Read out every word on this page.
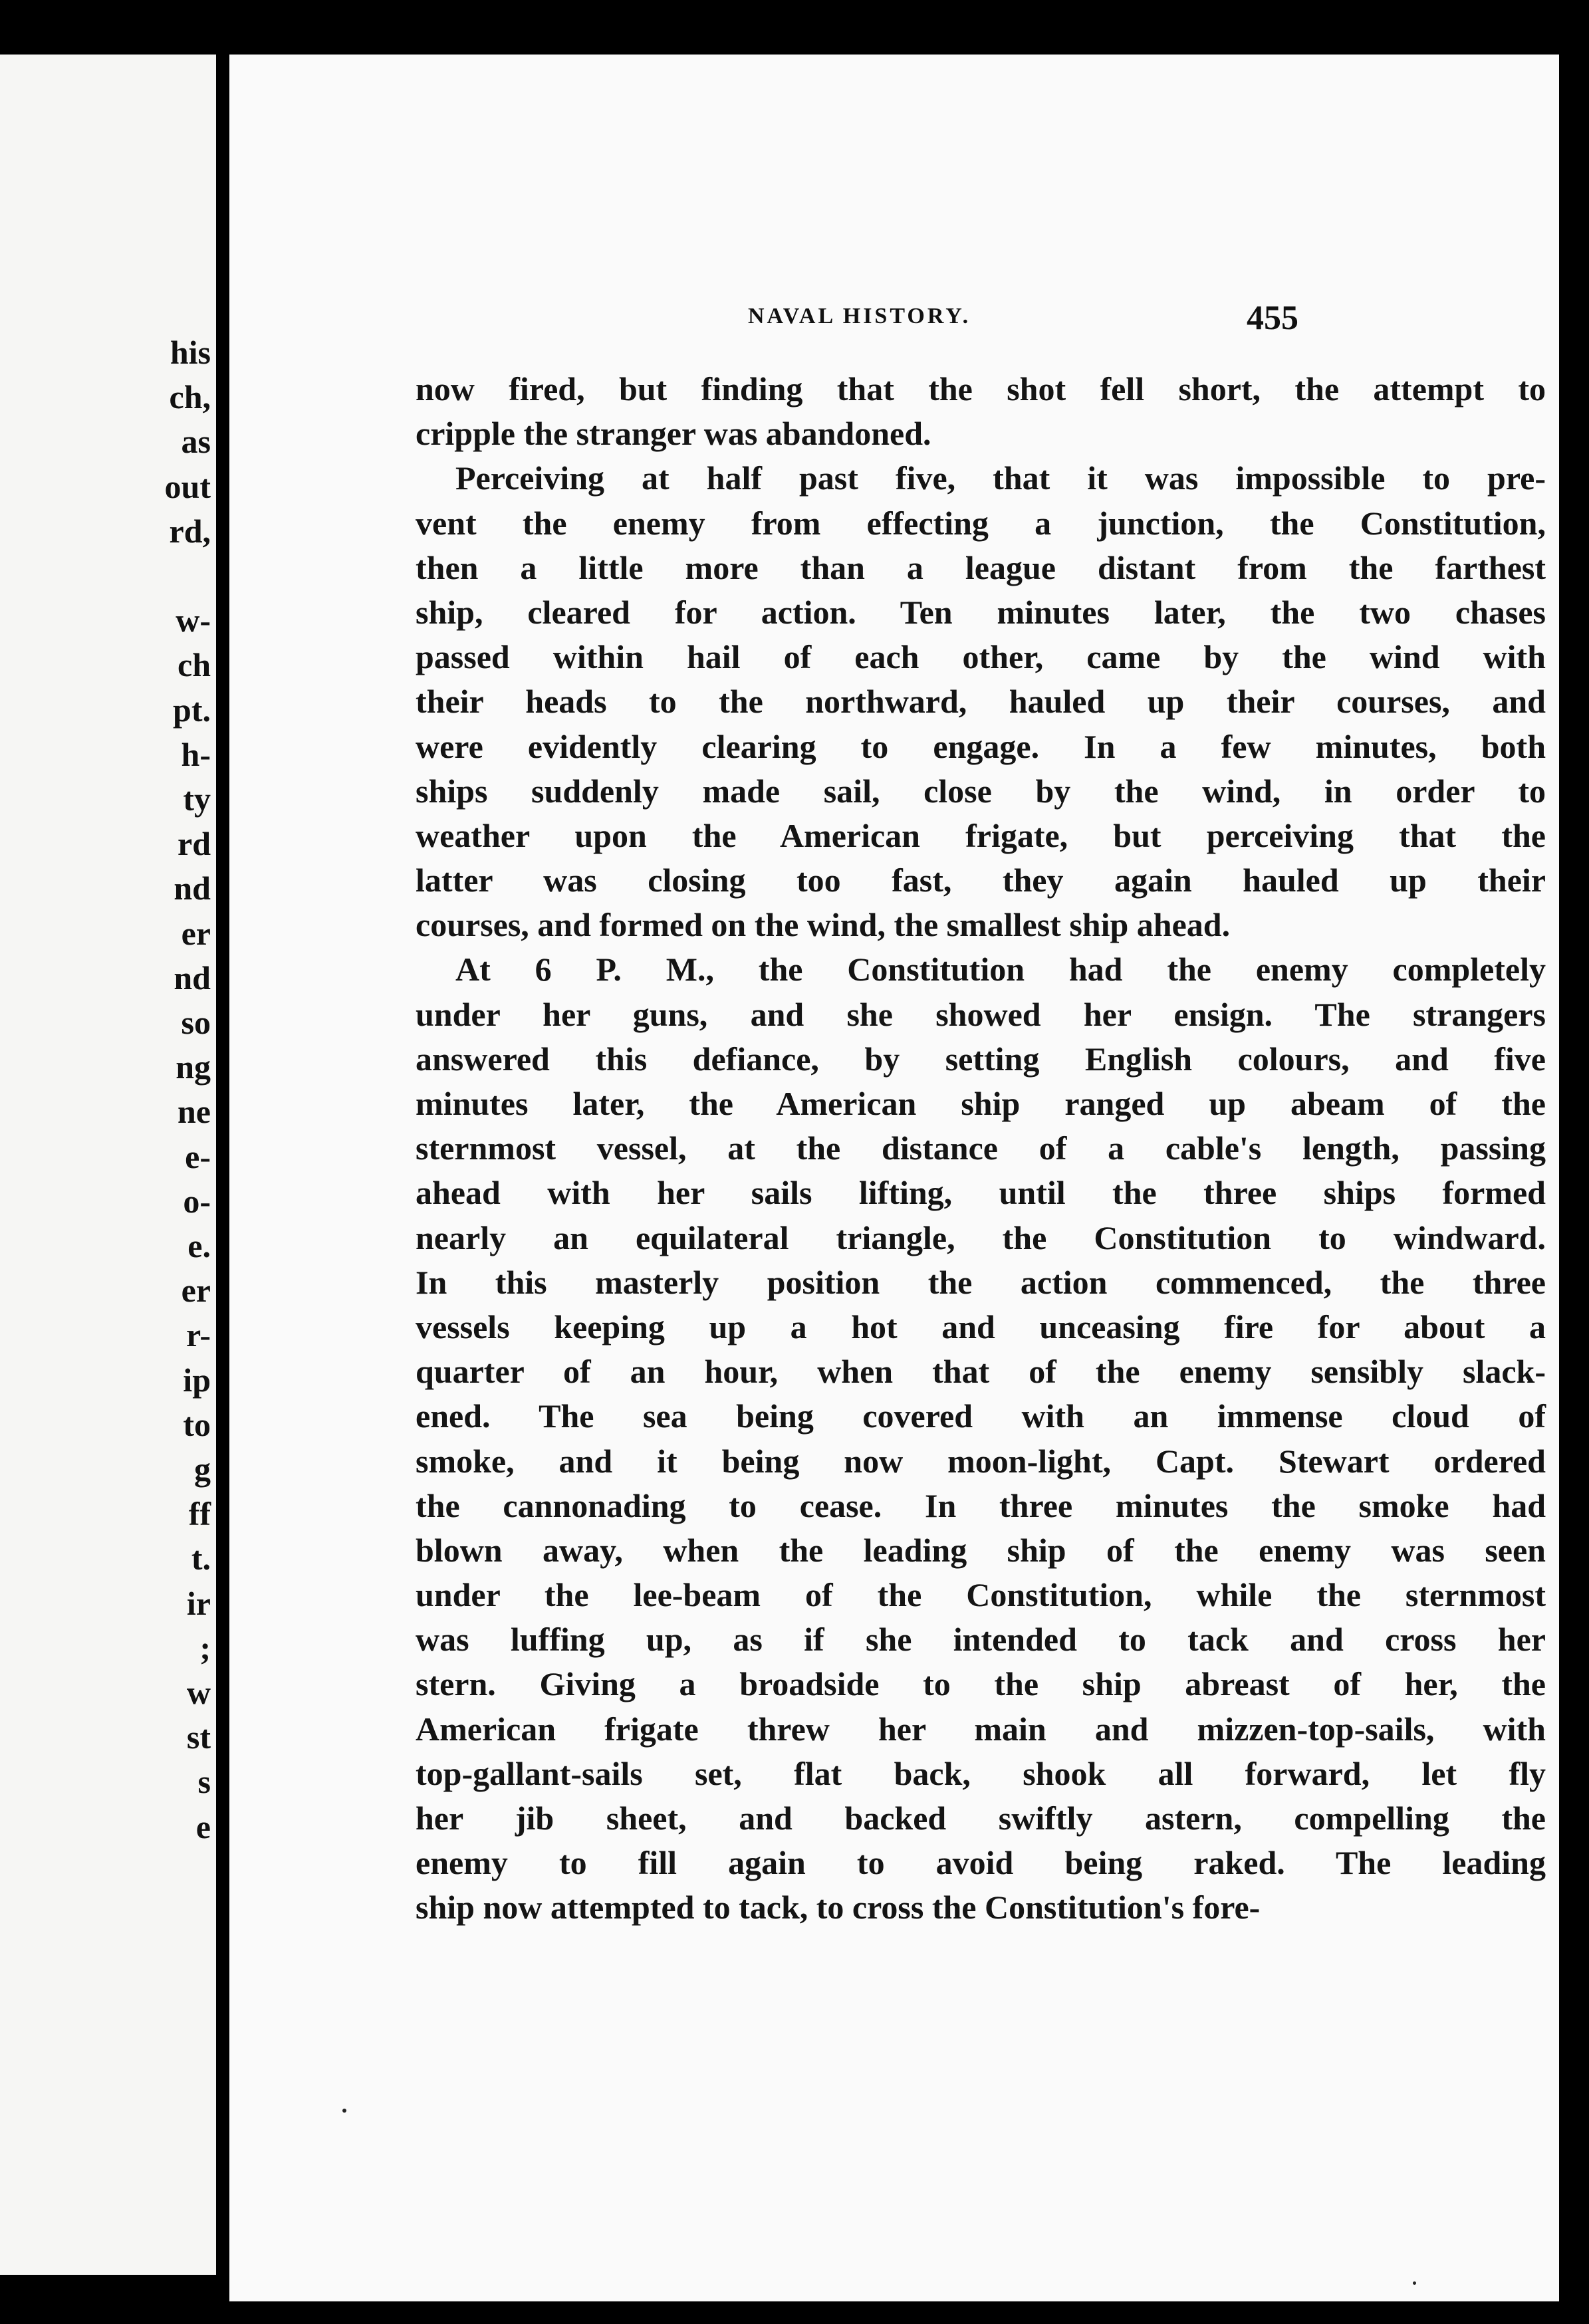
his
ch,
as
out
rd,
w-
ch
pt.
h-
ty
rd
nd
er
nd
so
ng
ne
e-
o-
e.
er
r-
ip
to
g
ff
t.
ir
;
w
st
s
e
NAVAL HISTORY.	455
now fired, but finding that the shot fell short, the attempt to
cripple the stranger was abandoned.
Perceiving at half past five, that it was impossible to pre-
vent the enemy from effecting a junction, the Constitution,
then a little more than a league distant from the farthest
ship, cleared for action. Ten minutes later, the two chases
passed within hail of each other, came by the wind with
their heads to the northward, hauled up their courses, and
were evidently clearing to engage. In a few minutes, both
ships suddenly made sail, close by the wind, in order to
weather upon the American frigate, but perceiving that the
latter was closing too fast, they again hauled up their
courses, and formed on the wind, the smallest ship ahead.
At 6 P. M., the Constitution had the enemy completely
under her guns, and she showed her ensign. The strangers
answered this defiance, by setting English colours, and five
minutes later, the American ship ranged up abeam of the
sternmost vessel, at the distance of a cable's length, passing
ahead with her sails lifting, until the three ships formed
nearly an equilateral triangle, the Constitution to windward.
In this masterly position the action commenced, the three
vessels keeping up a hot and unceasing fire for about a
quarter of an hour, when that of the enemy sensibly slack-
ened. The sea being covered with an immense cloud of
smoke, and it being now moon-light, Capt. Stewart ordered
the cannonading to cease. In three minutes the smoke had
blown away, when the leading ship of the enemy was seen
under the lee-beam of the Constitution, while the sternmost
was luffing up, as if she intended to tack and cross her
stern. Giving a broadside to the ship abreast of her, the
American frigate threw her main and mizzen-top-sails, with
top-gallant-sails set, flat back, shook all forward, let fly
her jib sheet, and backed swiftly astern, compelling the
enemy to fill again to avoid being raked. The leading
ship now attempted to tack, to cross the Constitution's fore-
